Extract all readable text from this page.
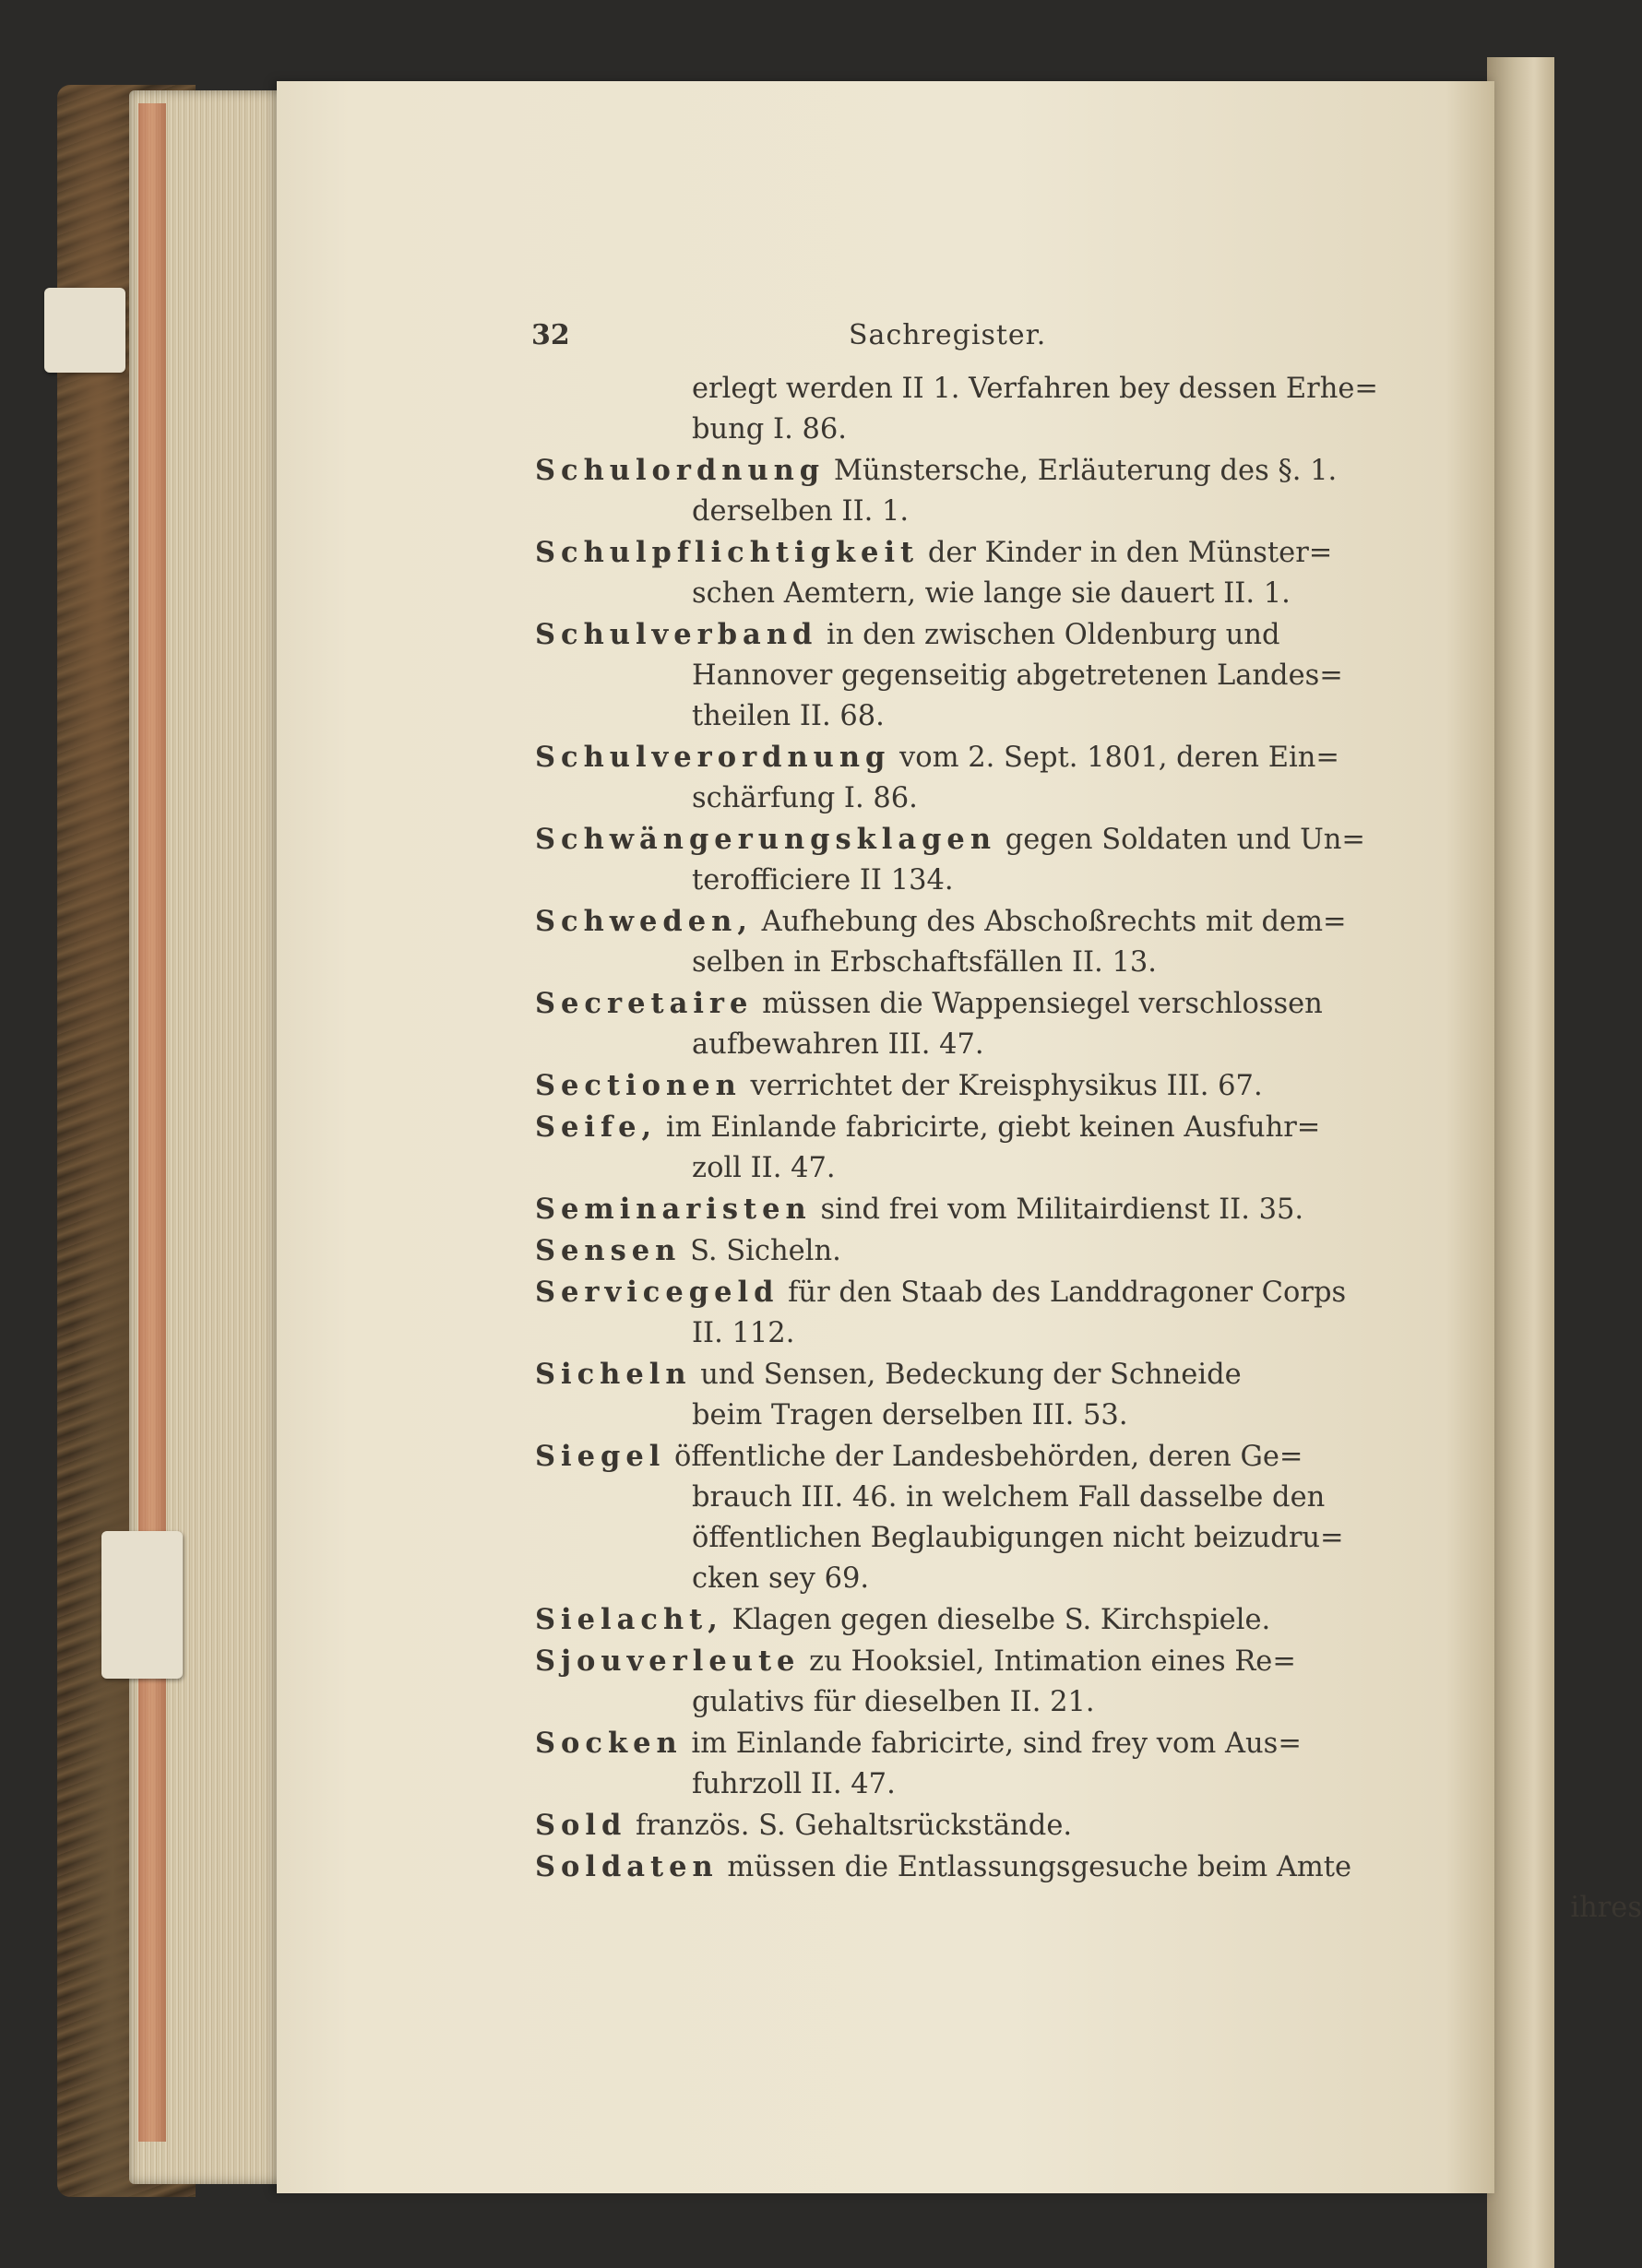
32	Sachregister.

erlegt werden II 1. Verfahren bey dessen Erhe=
bung I. 86.

Schulordnung Münstersche, Erläuterung des §. 1.
derselben II. 1.

Schulpflichtigkeit der Kinder in den Münster=
schen Aemtern, wie lange sie dauert II. 1.

Schulverband in den zwischen Oldenburg und
Hannover gegenseitig abgetretenen Landes=
theilen II. 68.

Schulverordnung vom 2. Sept. 1801, deren Ein=
schärfung I. 86.

Schwängerungsklagen gegen Soldaten und Un=
terofficiere II 134.

Schweden, Aufhebung des Abschoßrechts mit dem=
selben in Erbschaftsfällen II. 13.

Secretaire müssen die Wappensiegel verschlossen
aufbewahren III. 47.

Sectionen verrichtet der Kreisphysikus III. 67.

Seife, im Einlande fabricirte, giebt keinen Ausfuhr=
zoll II. 47.

Seminaristen sind frei vom Militairdienst II. 35.

Sensen S. Sicheln.

Servicegeld für den Staab des Landdragoner Corps
II. 112.

Sicheln und Sensen, Bedeckung der Schneide
beim Tragen derselben III. 53.

Siegel öffentliche der Landesbehörden, deren Ge=
brauch III. 46. in welchem Fall dasselbe den
öffentlichen Beglaubigungen nicht beizudru=
cken sey 69.

Sielacht, Klagen gegen dieselbe S. Kirchspiele.

Sjouverleute zu Hooksiel, Intimation eines Re=
gulativs für dieselben II. 21.

Socken im Einlande fabricirte, sind frey vom Aus=
fuhrzoll II. 47.

Sold französ. S. Gehaltsrückstände.

Soldaten müssen die Entlassungsgesuche beim Amte
ihres
